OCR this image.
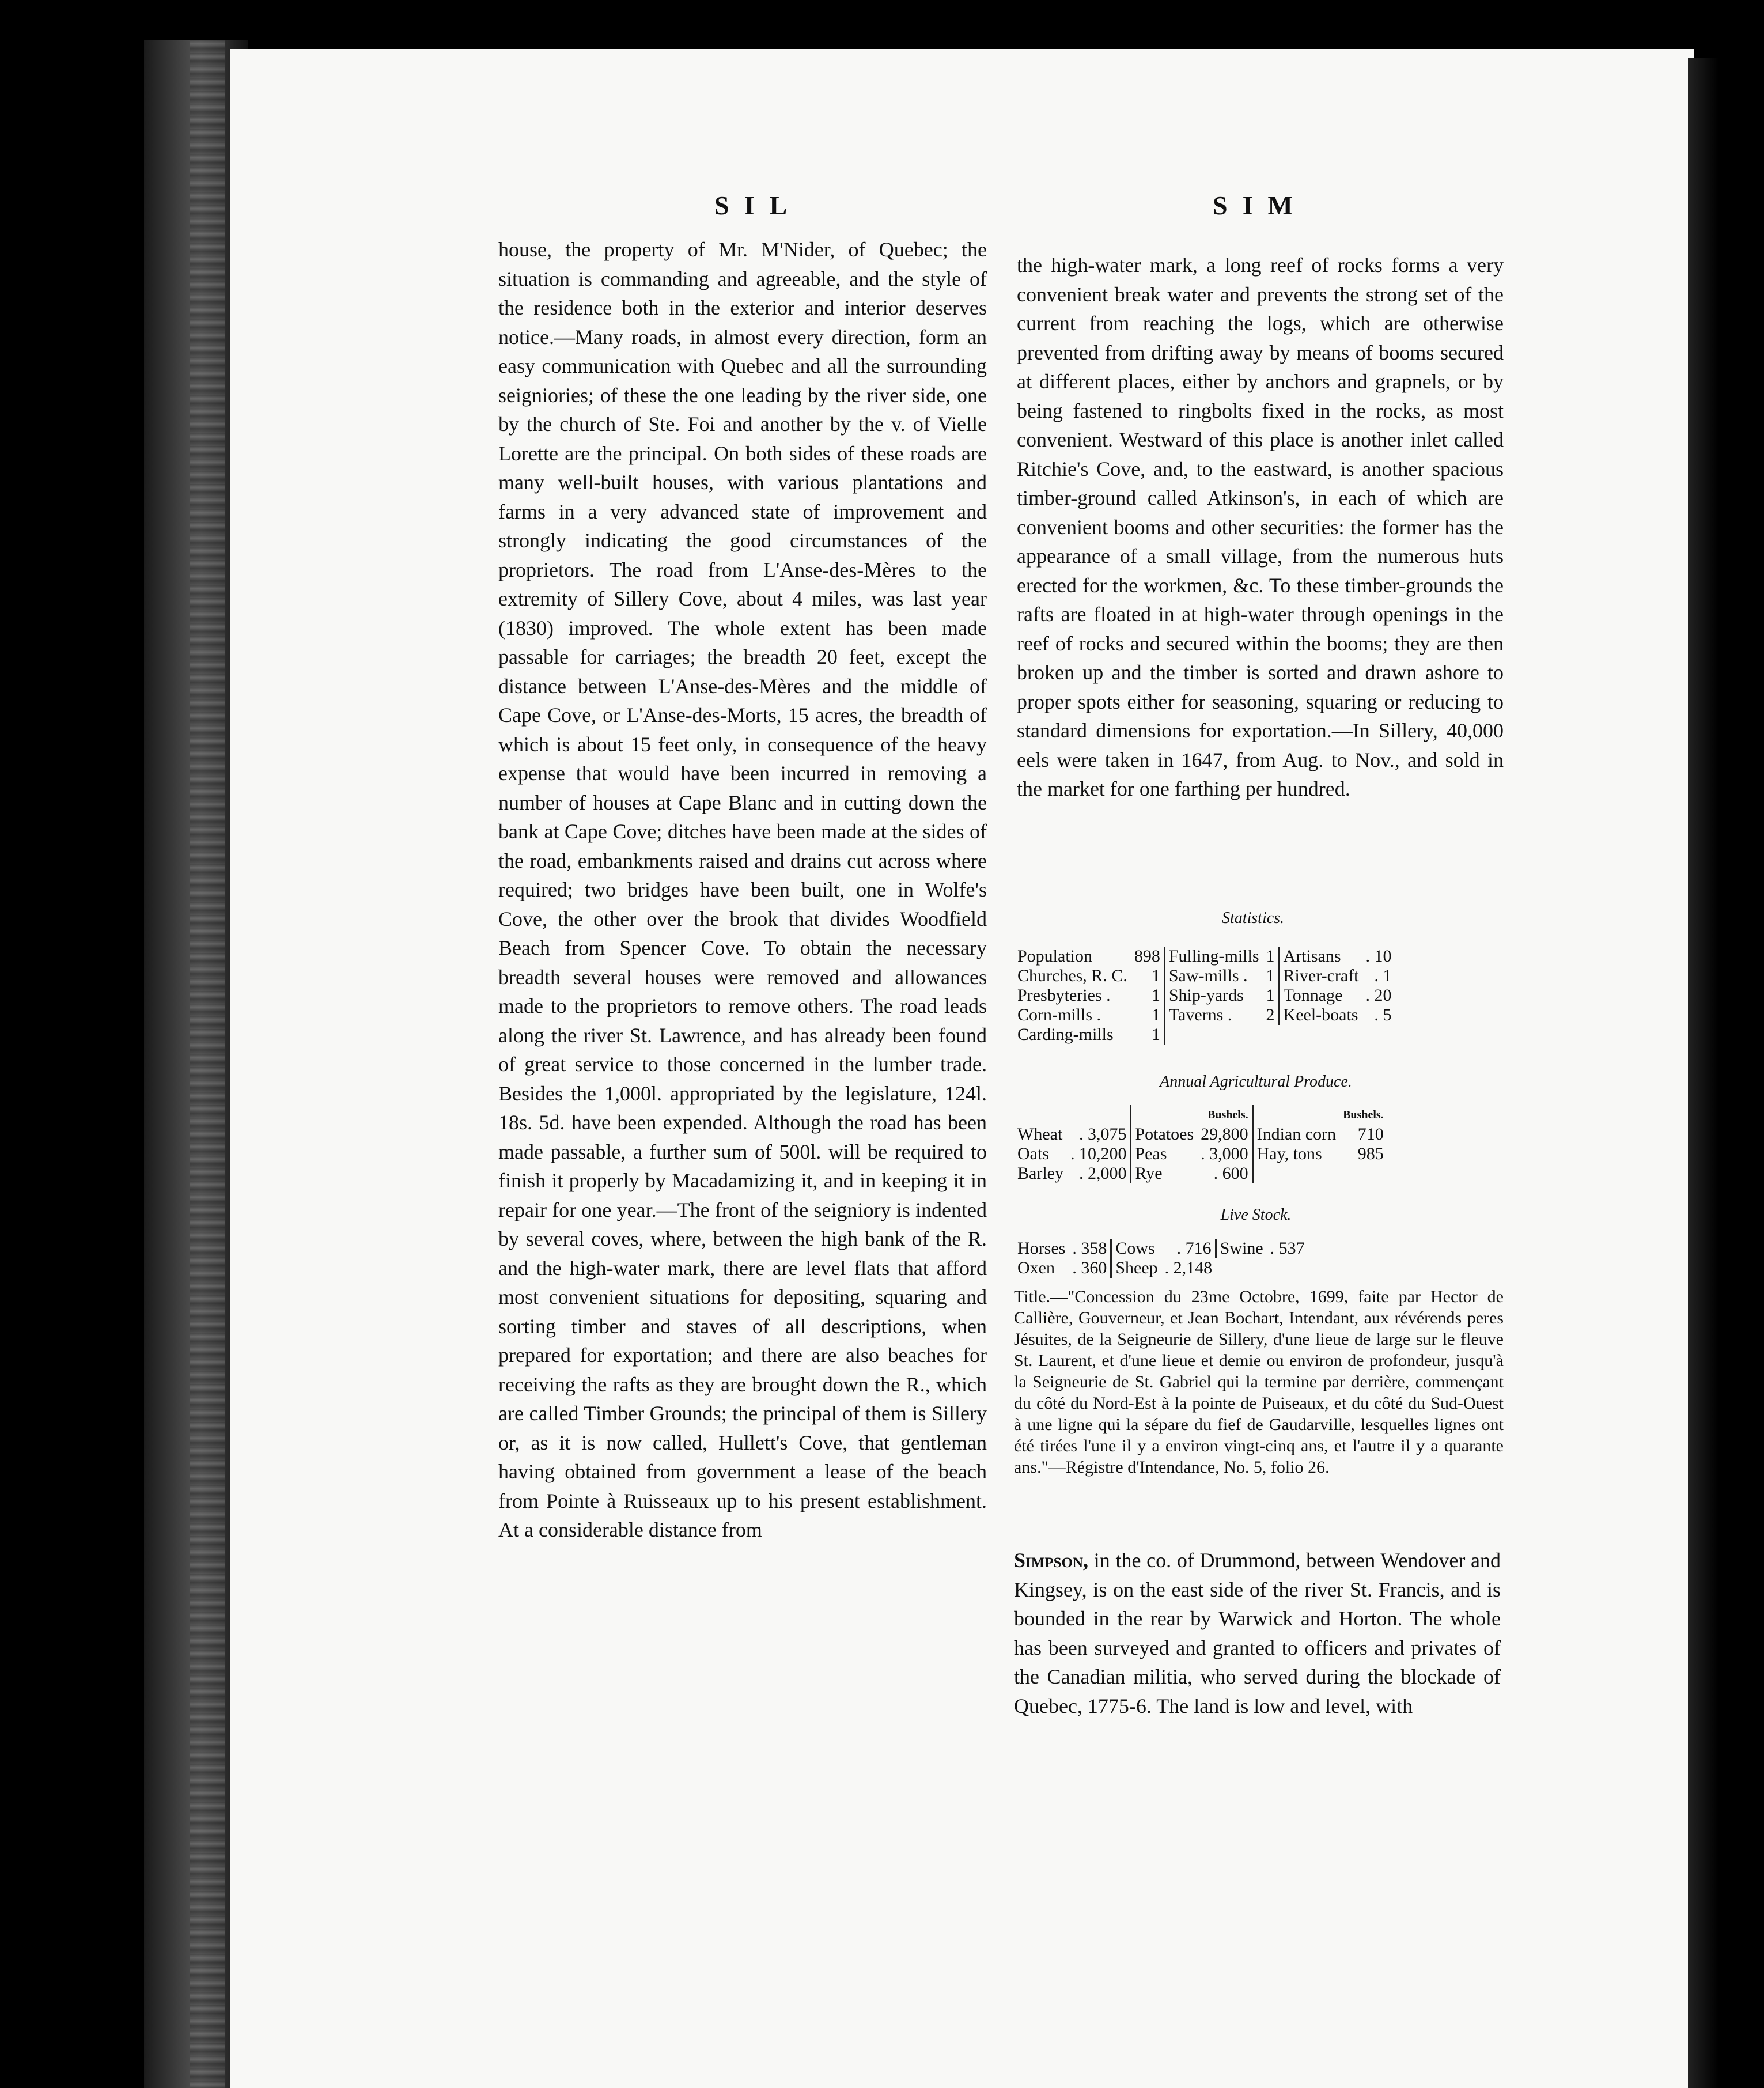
SIL	SIM

house, the property of Mr. M'Nider, of Quebec; the situation is commanding and agreeable, and the style of the residence both in the exterior and interior deserves notice.—Many roads, in almost every direction, form an easy communication with Quebec and all the surrounding seigniories; of these the one leading by the river side, one by the church of Ste. Foi and another by the v. of Vielle Lorette are the principal. On both sides of these roads are many well-built houses, with various plantations and farms in a very advanced state of improvement and strongly indicating the good circumstances of the proprietors. The road from L'Anse-des-Mères to the extremity of Sillery Cove, about 4 miles, was last year (1830) improved. The whole extent has been made passable for carriages; the breadth 20 feet, except the distance between L'Anse-des-Mères and the middle of Cape Cove, or L'Anse-des-Morts, 15 acres, the breadth of which is about 15 feet only, in consequence of the heavy expense that would have been incurred in removing a number of houses at Cape Blanc and in cutting down the bank at Cape Cove; ditches have been made at the sides of the road, embankments raised and drains cut across where required; two bridges have been built, one in Wolfe's Cove, the other over the brook that divides Woodfield Beach from Spencer Cove. To obtain the necessary breadth several houses were removed and allowances made to the proprietors to remove others. The road leads along the river St. Lawrence, and has already been found of great service to those concerned in the lumber trade. Besides the 1,000l. appropriated by the legislature, 124l. 18s. 5d. have been expended. Although the road has been made passable, a further sum of 500l. will be required to finish it properly by Macadamizing it, and in keeping it in repair for one year.—The front of the seigniory is indented by several coves, where, between the high bank of the R. and the high-water mark, there are level flats that afford most convenient situations for depositing, squaring and sorting timber and staves of all descriptions, when prepared for exportation; and there are also beaches for receiving the rafts as they are brought down the R., which are called Timber Grounds; the principal of them is Sillery or, as it is now called, Hullett's Cove, that gentleman having obtained from government a lease of the beach from Pointe à Ruisseaux up to his present establishment. At a considerable distance from

the high-water mark, a long reef of rocks forms a very convenient break water and prevents the strong set of the current from reaching the logs, which are otherwise prevented from drifting away by means of booms secured at different places, either by anchors and grapnels, or by being fastened to ringbolts fixed in the rocks, as most convenient. Westward of this place is another inlet called Ritchie's Cove, and, to the eastward, is another spacious timber-ground called Atkinson's, in each of which are convenient booms and other securities: the former has the appearance of a small village, from the numerous huts erected for the workmen, &c. To these timber-grounds the rafts are floated in at high-water through openings in the reef of rocks and secured within the booms; they are then broken up and the timber is sorted and drawn ashore to proper spots either for seasoning, squaring or reducing to standard dimensions for exportation.—In Sillery, 40,000 eels were taken in 1647, from Aug. to Nov., and sold in the market for one farthing per hundred.

Statistics.
Population	898	Fulling-mills	1	Artisans	. 10
Churches, R. C.	1	Saw-mills .	1	River-craft	. 1
Presbyteries .	1	Ship-yards	1	Tonnage	. 20
Corn-mills .	1	Taverns .	2	Keel-boats	. 5
Carding-mills	1				
Annual Agricultural Produce.
			Bushels.		Bushels.
Wheat	. 3,075	Potatoes	29,800	Indian corn	710
Oats	. 10,200	Peas	. 3,000	Hay, tons	985
Barley	. 2,000	Rye	. 600		
Live Stock.
Horses	. 358	Cows	. 716	Swine	. 537
Oxen	. 360	Sheep	. 2,148		

Title.—"Concession du 23me Octobre, 1699, faite par Hector de Callière, Gouverneur, et Jean Bochart, Intendant, aux révérends peres Jésuites, de la Seigneurie de Sillery, d'une lieue de large sur le fleuve St. Laurent, et d'une lieue et demie ou environ de profondeur, jusqu'à la Seigneurie de St. Gabriel qui la termine par derrière, commençant du côté du Nord-Est à la pointe de Puiseaux, et du côté du Sud-Ouest à une ligne qui la sépare du fief de Gaudarville, lesquelles lignes ont été tirées l'une il y a environ vingt-cinq ans, et l'autre il y a quarante ans."—Régistre d'Intendance, No. 5, folio 26.

Simpson, in the co. of Drummond, between Wendover and Kingsey, is on the east side of the river St. Francis, and is bounded in the rear by Warwick and Horton. The whole has been surveyed and granted to officers and privates of the Canadian militia, who served during the blockade of Quebec, 1775-6. The land is low and level, with
